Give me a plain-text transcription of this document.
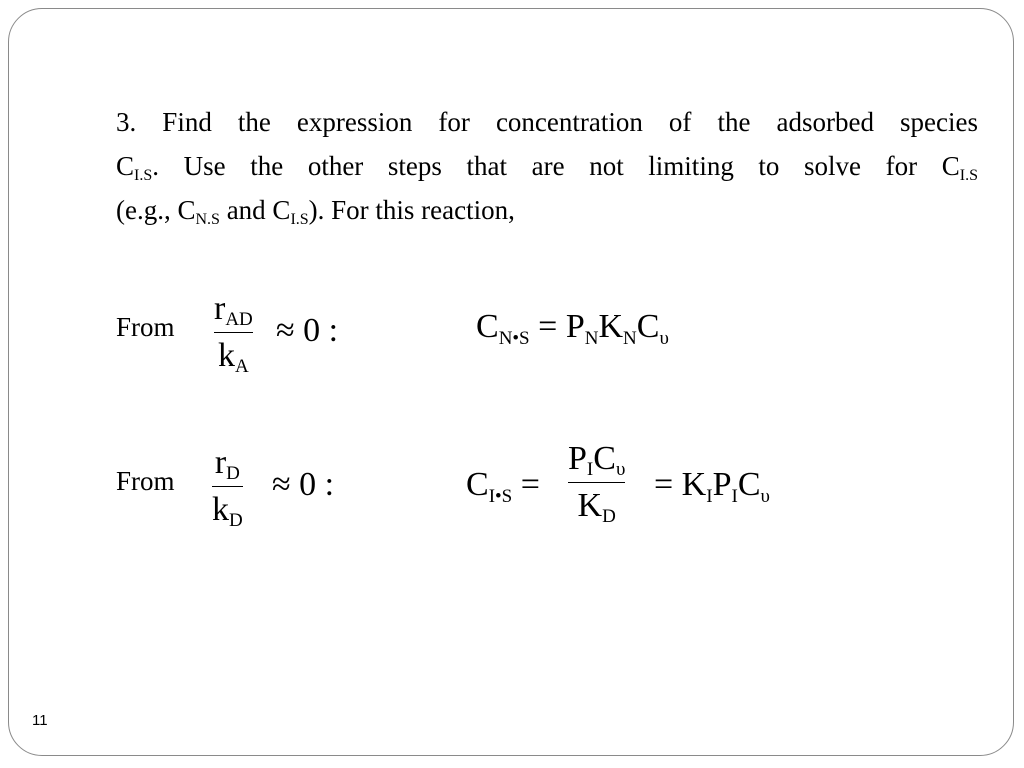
3. Find the expression for concentration of the adsorbed species
$C_{I.S}$. Use the other steps that are not limiting to solve for $C_{I.S}$
(e.g., $C_{N.S}$ and $C_{I.S}$). For this reaction,
From $r_{AD}$
$k_A$
≈ 0 :	$C_{N•S} = P_NK_NC_\upsilon$
From $r_D$
$k_D$
≈ 0 :	$C_{I•S}$ =
$P_IC_\upsilon$
$K_D$
= $K_IP_IC_\upsilon$
11
